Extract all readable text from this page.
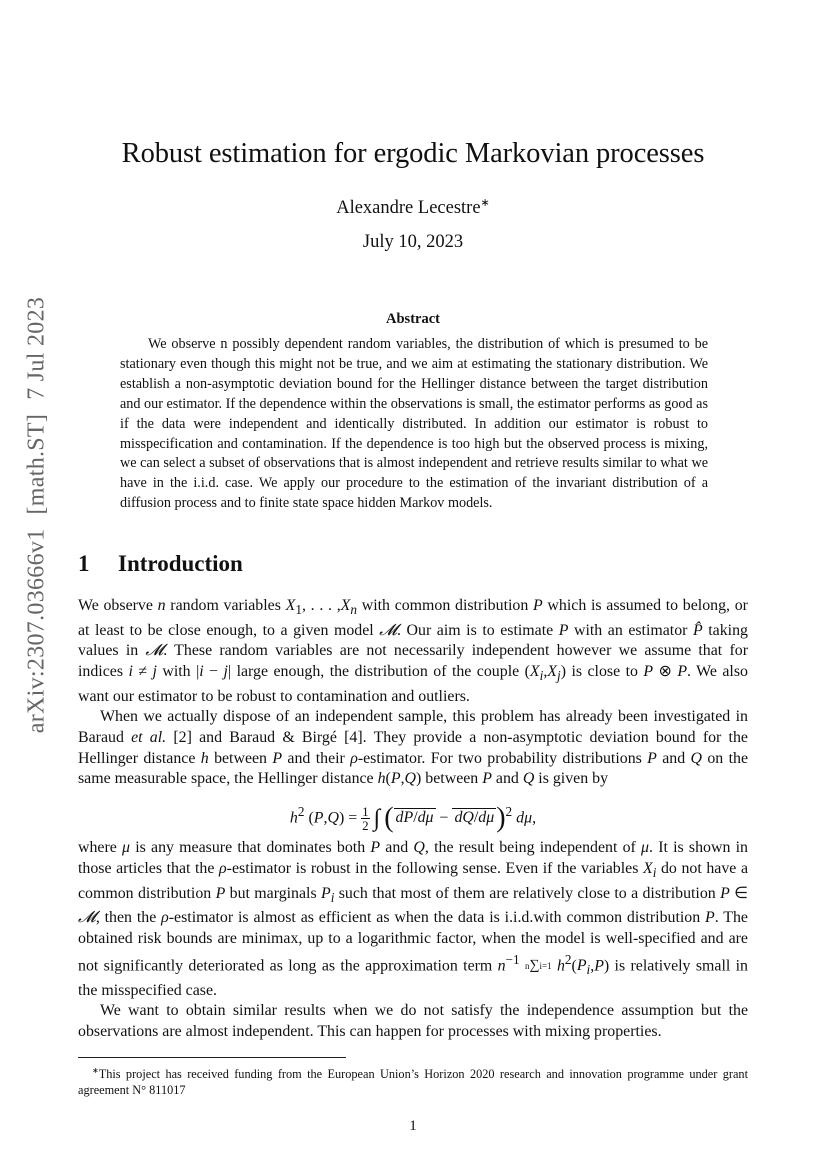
arXiv:2307.03666v1[math.ST]7 Jul 2023
Robust estimation for ergodic Markovian processes
Alexandre Lecestre∗
July 10, 2023
Abstract
We observe n possibly dependent random variables, the distribution of which is presumed to be stationary even though this might not be true, and we aim at estimating the stationary distribution. We establish a non-asymptotic deviation bound for the Hellinger distance between the target distribution and our estimator. If the dependence within the observations is small, the estimator performs as good as if the data were independent and identically distributed. In addition our estimator is robust to misspecification and contamination. If the dependence is too high but the observed process is mixing, we can select a subset of observations that is almost independent and retrieve results similar to what we have in the i.i.d. case. We apply our procedure to the estimation of the invariant distribution of a diffusion process and to finite state space hidden Markov models.
1 Introduction

We observe n random variables $X_1$, . . . $,X_n$ with common distribution P which is assumed to belong, or at least to be close enough, to a given model 𝓜. Our aim is to estimate P with an estimator P̂ taking values in 𝓜. These random variables are not necessarily independent however we assume that for indices i ≠ j with |i − j| large enough, the distribution of the couple $(X_i,X_j)$ is close to P ⊗ P. We also want our estimator to be robust to contamination and outliers.

When we actually dispose of an independent sample, this problem has already been investigated in Baraud et al. [2] and Baraud & Birgé [4]. They provide a non-asymptotic deviation bound for the Hellinger distance h between P and their ρ-estimator. For two probability distributions P and Q on the same measurable space, the Hellinger distance h(P,Q) between P and Q is given by

$h^2$ $(P,Q) = \frac{1}{2}$ ∫ ( dP/dμ − dQ/dμ)$^2$ dμ,

where μ is any measure that dominates both P and Q, the result being independent of μ. It is shown in those articles that the ρ-estimator is robust in the following sense. Even if the variables $X_i$ do not have a common distribution P but marginals $P_i$ such that most of them are relatively close to a distribution P ∈ 𝓜, then the ρ-estimator is almost as efficient as when the data is i.i.d.with common distribution P. The obtained risk bounds are minimax, up to a logarithmic factor, when the model is well-specified and are not significantly deteriorated as long as the approximation term $n^{-1}$ n∑i=1 $h^2(P_i,P)$ is relatively small in the misspecified case.

We want to obtain similar results when we do not satisfy the independence assumption but the observations are almost independent. This can happen for processes with mixing properties.

∗This project has received funding from the European Union’s Horizon 2020 research and innovation programme under grant agreement N° 811017
1
